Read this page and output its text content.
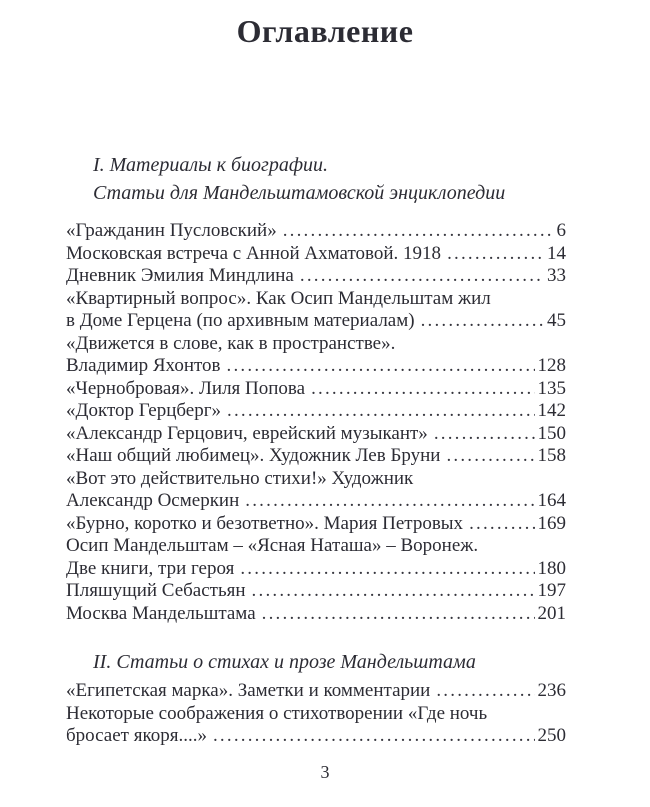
Оглавление
I. Материалы к биографии.
Статьи для Мандельштамовской энциклопедии
«Гражданин Пусловский» .....	6
Московская встреча с Анной Ахматовой. 1918 .....	14
Дневник Эмилия Миндлина .....	33
«Квартирный вопрос». Как Осип Мандельштам жил
в Доме Герцена (по архивным материалам) .....	45
«Движется в слове, как в пространстве».
Владимир Яхонтов .....	128
«Чернобровая». Лиля Попова .....	135
«Доктор Герцберг» .....	142
«Александр Герцович, еврейский музыкант» .....	150
«Наш общий любимец». Художник Лев Бруни .....	158
«Вот это действительно стихи!» Художник
Александр Осмеркин .....	164
«Бурно, коротко и безответно». Мария Петровых .....	169
Осип Мандельштам – «Ясная Наташа» – Воронеж.
Две книги, три героя .....	180
Пляшущий Себастьян .....	197
Москва Мандельштама .....	201
II. Статьи о стихах и прозе Мандельштама
«Египетская марка». Заметки и комментарии .....	236
Некоторые соображения о стихотворении «Где ночь
бросает якоря....» .....	250
3
